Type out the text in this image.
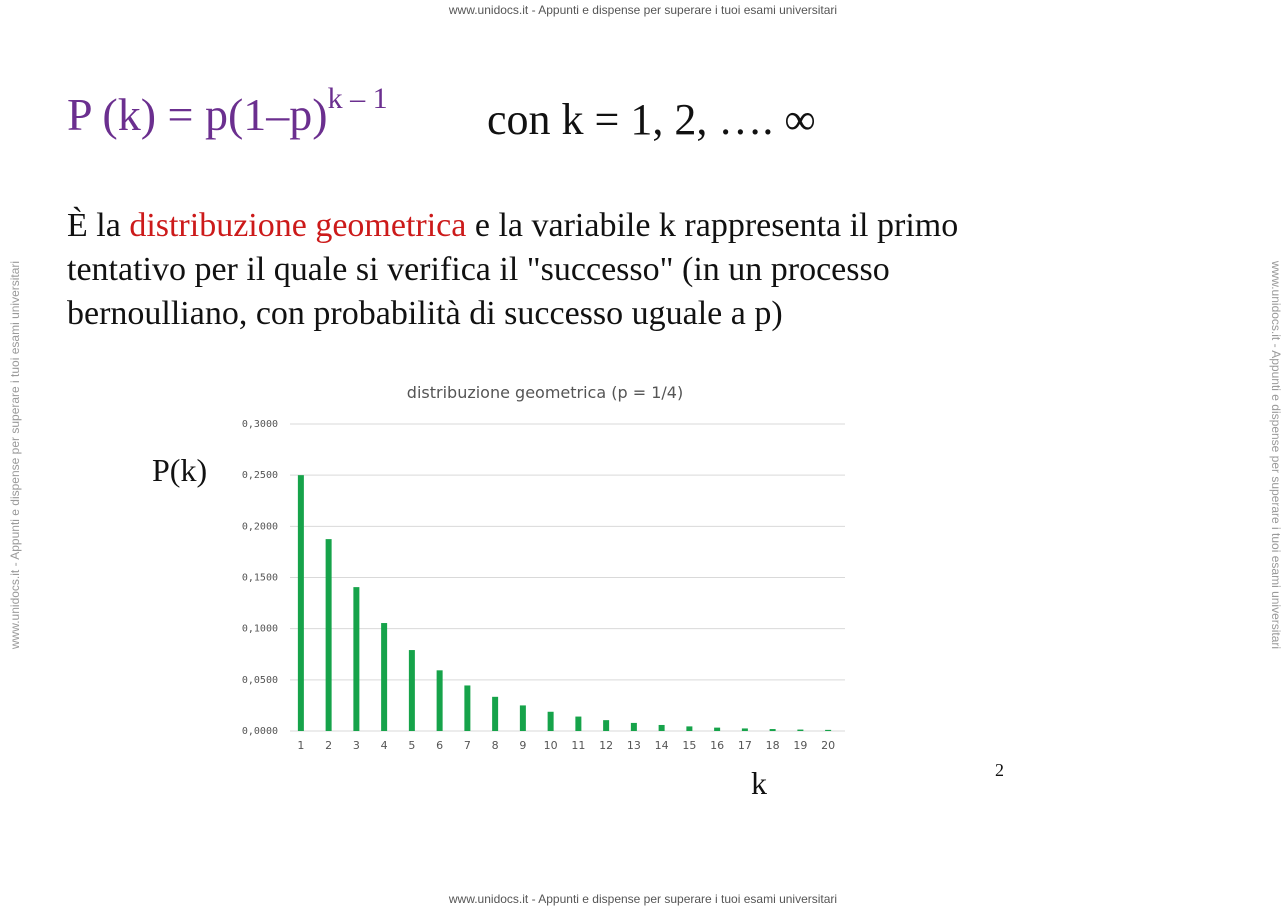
www.unidocs.it - Appunti e dispense per superare i tuoi esami universitari
www.unidocs.it - Appunti e dispense per superare i tuoi esami universitari
www.unidocs.it - Appunti e dispense per superare i tuoi esami universitari	www.unidocs.it - Appunti e dispense per superare i tuoi esami universitari
P $(k) = p(1-p)^{k - 1}$ con k = 1, 2, …. ∞
È la distribuzione geometrica e la variabile k rappresenta il primo tentativo per il quale si verifica il "successo" (in un processo bernoulliano, con probabilità di successo uguale a p)
distribuzione geometrica (p = 1/4)
P(k)
k	2
0,0000
0,0500
0,1000
0,1500
0,2000
0,2500
0,3000
1 2 3 4 5 6 7 8 9 10 11 12 13 14 15 16 17 18 19 20
